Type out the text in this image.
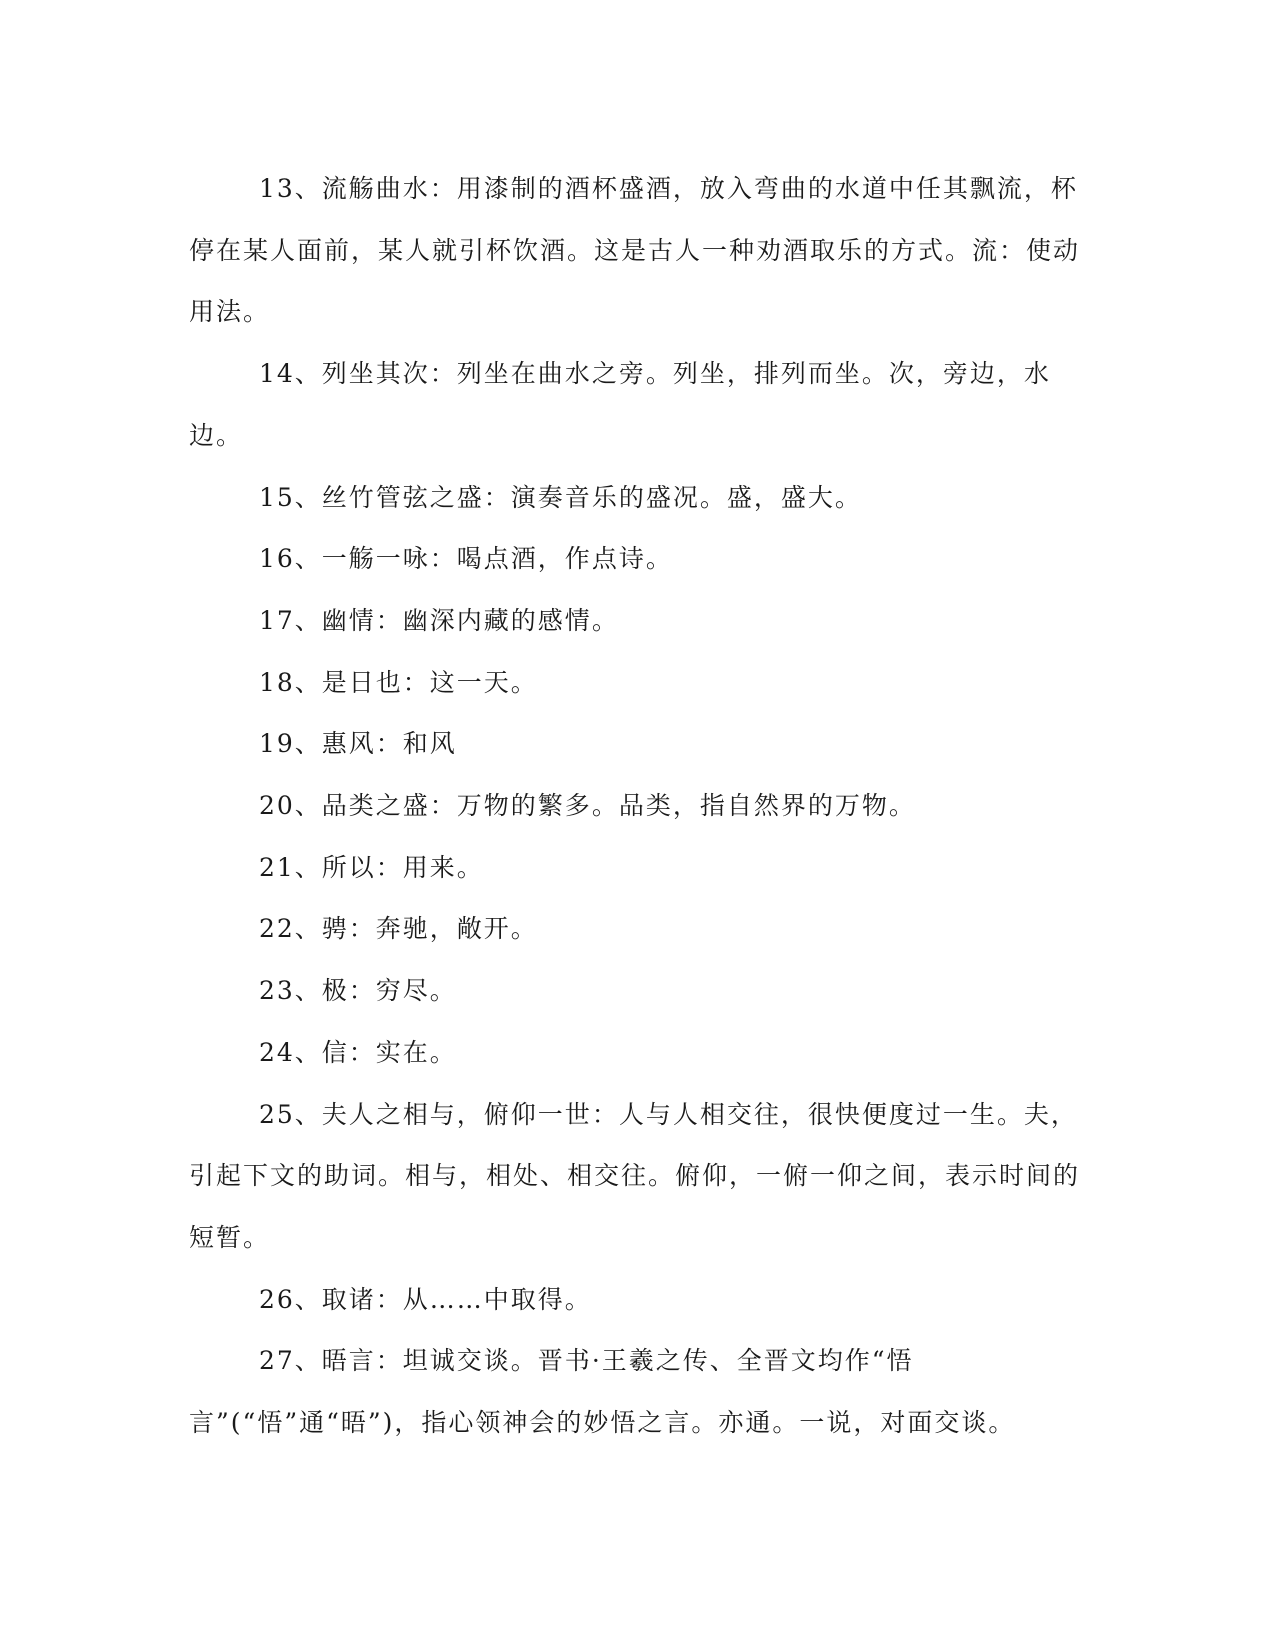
13、流觞曲水：用漆制的酒杯盛酒，放入弯曲的水道中任其飘流，杯停在某人面前，某人就引杯饮酒。这是古人一种劝酒取乐的方式。流：使动用法。

14、列坐其次：列坐在曲水之旁。列坐，排列而坐。次，旁边，水边。

15、丝竹管弦之盛：演奏音乐的盛况。盛，盛大。

16、一觞一咏：喝点酒，作点诗。

17、幽情：幽深内藏的感情。

18、是日也：这一天。

19、惠风：和风

20、品类之盛：万物的繁多。品类，指自然界的万物。

21、所以：用来。

22、骋：奔驰，敞开。

23、极：穷尽。

24、信：实在。

25、夫人之相与，俯仰一世：人与人相交往，很快便度过一生。夫，引起下文的助词。相与，相处、相交往。俯仰，一俯一仰之间，表示时间的短暂。

26、取诸：从……中取得。

27、晤言：坦诚交谈。晋书·王羲之传、全晋文均作“悟言”(“悟”通“晤”)，指心领神会的妙悟之言。亦通。一说，对面交谈。
